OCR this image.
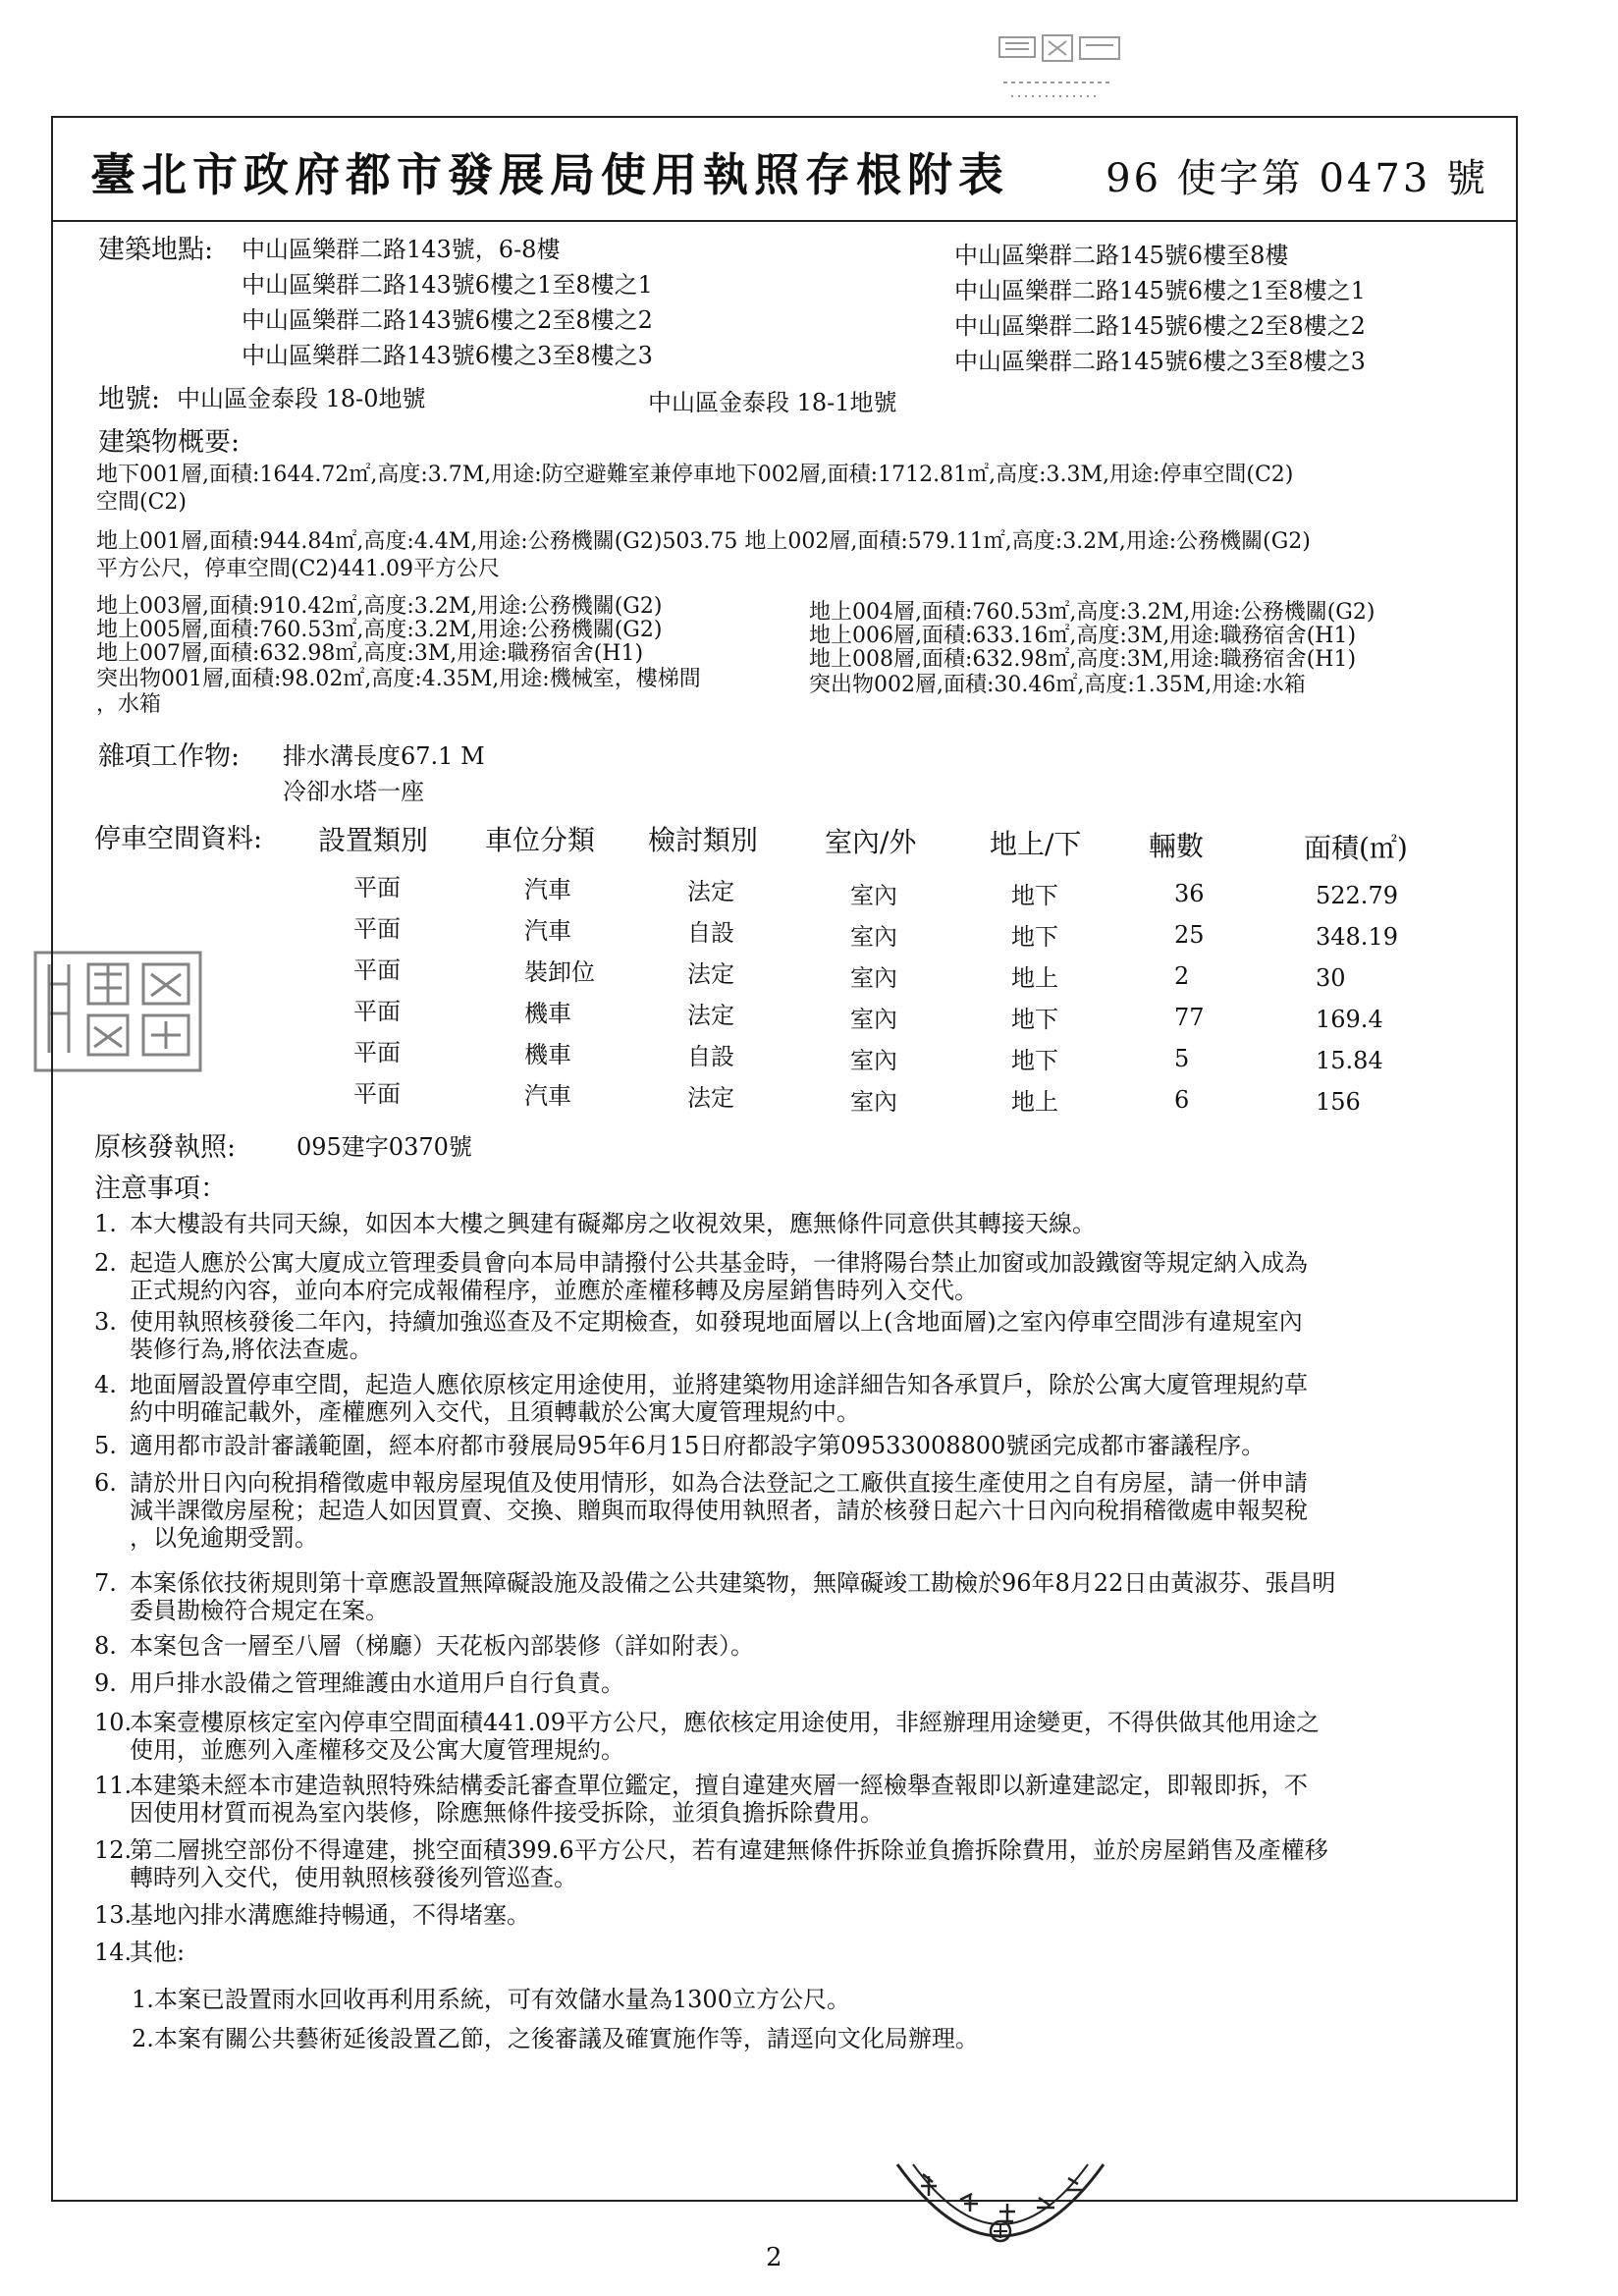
臺北市政府都市發展局使用執照存根附表 96 使字第 0473 號
建築地點: 中山區樂群二路143號，6-8樓
中山區樂群二路143號6樓之1至8樓之1
中山區樂群二路143號6樓之2至8樓之2
中山區樂群二路143號6樓之3至8樓之3
中山區樂群二路145號6樓至8樓
中山區樂群二路145號6樓之1至8樓之1
中山區樂群二路145號6樓之2至8樓之2
中山區樂群二路145號6樓之3至8樓之3
地號: 中山區金泰段 18-0地號	中山區金泰段 18-1地號
建築物概要:
地下001層,面積:1644.72㎡,高度:3.7M,用途:防空避難室兼停車地下002層,面積:1712.81㎡,高度:3.3M,用途:停車空間(C2)
空間(C2)
地上001層,面積:944.84㎡,高度:4.4M,用途:公務機關(G2)503.75 地上002層,面積:579.11㎡,高度:3.2M,用途:公務機關(G2)
平方公尺，停車空間(C2)441.09平方公尺
地上003層,面積:910.42㎡,高度:3.2M,用途:公務機關(G2)
地上005層,面積:760.53㎡,高度:3.2M,用途:公務機關(G2)
地上007層,面積:632.98㎡,高度:3M,用途:職務宿舍(H1)
突出物001層,面積:98.02㎡,高度:4.35M,用途:機械室，樓梯間
，水箱
地上004層,面積:760.53㎡,高度:3.2M,用途:公務機關(G2)
地上006層,面積:633.16㎡,高度:3M,用途:職務宿舍(H1)
地上008層,面積:632.98㎡,高度:3M,用途:職務宿舍(H1)
突出物002層,面積:30.46㎡,高度:1.35M,用途:水箱
雜項工作物: 排水溝長度67.1 M
冷卻水塔一座
停車空間資料: 設置類別 車位分類 檢討類別 室內/外	地上/下 輛數	面積(㎡)
平面	汽車	法定	室內	地下	36	522.79
平面	汽車	自設	室內	地下	25	348.19
平面	裝卸位	法定	室內	地上	2	30
平面	機車	法定	室內	地下	77	169.4
平面	機車	自設	室內	地下	5	15.84
平面	汽車	法定	室內	地上	6	156
原核發執照:	095建字0370號
注意事項：
1. 本大樓設有共同天線，如因本大樓之興建有礙鄰房之收視效果，應無條件同意供其轉接天線。
2. 起造人應於公寓大廈成立管理委員會向本局申請撥付公共基金時，一律將陽台禁止加窗或加設鐵窗等規定納入成為
正式規約內容，並向本府完成報備程序，並應於產權移轉及房屋銷售時列入交代。
3. 使用執照核發後二年內，持續加強巡查及不定期檢查，如發現地面層以上(含地面層)之室內停車空間涉有違規室內
裝修行為,將依法查處。
4. 地面層設置停車空間，起造人應依原核定用途使用，並將建築物用途詳細告知各承買戶，除於公寓大廈管理規約草
約中明確記載外，產權應列入交代，且須轉載於公寓大廈管理規約中。
5. 適用都市設計審議範圍，經本府都市發展局95年6月15日府都設字第09533008800號函完成都市審議程序。
6. 請於卅日內向稅捐稽徵處申報房屋現值及使用情形，如為合法登記之工廠供直接生產使用之自有房屋，請一併申請
減半課徵房屋稅；起造人如因買賣、交換、贈與而取得使用執照者，請於核發日起六十日內向稅捐稽徵處申報契稅
，以免逾期受罰。
7. 本案係依技術規則第十章應設置無障礙設施及設備之公共建築物，無障礙竣工勘檢於96年8月22日由黃淑芬、張昌明
委員勘檢符合規定在案。
8. 本案包含一層至八層（梯廳）天花板內部裝修（詳如附表）。
9. 用戶排水設備之管理維護由水道用戶自行負責。
10.
本案壹樓原核定室內停車空間面積441.09平方公尺，應依核定用途使用，非經辦理用途變更，不得供做其他用途之
使用，並應列入產權移交及公寓大廈管理規約。
11.
本建築未經本市建造執照特殊結構委託審查單位鑑定，擅自違建夾層一經檢舉查報即以新違建認定，即報即拆，不
因使用材質而視為室內裝修，除應無條件接受拆除，並須負擔拆除費用。
12.
第二層挑空部份不得違建，挑空面積399.6平方公尺，若有違建無條件拆除並負擔拆除費用，並於房屋銷售及產權移
轉時列入交代，使用執照核發後列管巡查。
13.
基地內排水溝應維持暢通，不得堵塞。
14.
其他:
1.本案已設置雨水回收再利用系統，可有效儲水量為1300立方公尺。
2.本案有關公共藝術延後設置乙節，之後審議及確實施作等，請逕向文化局辦理。
2
